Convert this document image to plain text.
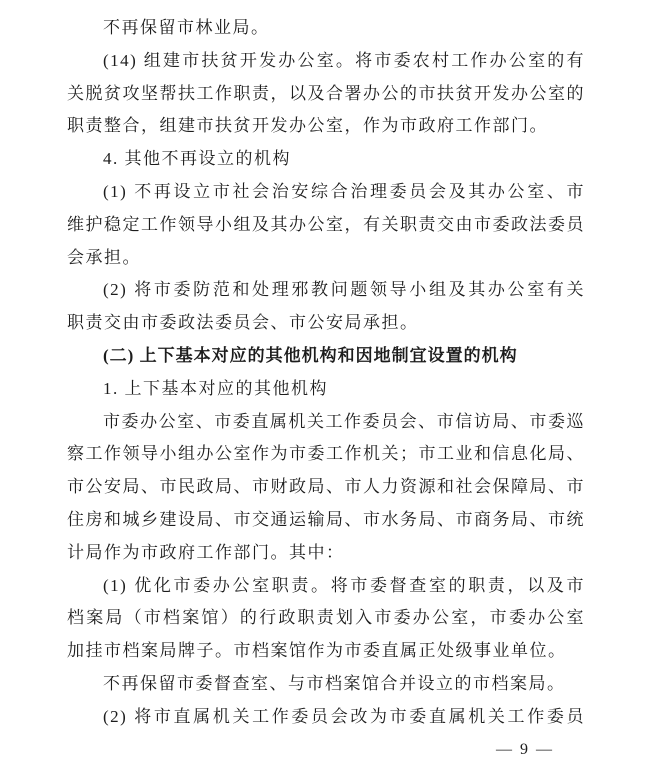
不再保留市林业局。
(14) 组建市扶贫开发办公室。将市委农村工作办公室的有
关脱贫攻坚帮扶工作职责，以及合署办公的市扶贫开发办公室的
职责整合，组建市扶贫开发办公室，作为市政府工作部门。
4. 其他不再设立的机构
(1) 不再设立市社会治安综合治理委员会及其办公室、市
维护稳定工作领导小组及其办公室，有关职责交由市委政法委员
会承担。
(2) 将市委防范和处理邪教问题领导小组及其办公室有关
职责交由市委政法委员会、市公安局承担。
(二) 上下基本对应的其他机构和因地制宜设置的机构
1. 上下基本对应的其他机构
市委办公室、市委直属机关工作委员会、市信访局、市委巡
察工作领导小组办公室作为市委工作机关；市工业和信息化局、
市公安局、市民政局、市财政局、市人力资源和社会保障局、市
住房和城乡建设局、市交通运输局、市水务局、市商务局、市统
计局作为市政府工作部门。其中：
(1) 优化市委办公室职责。将市委督查室的职责，以及市
档案局（市档案馆）的行政职责划入市委办公室，市委办公室
加挂市档案局牌子。市档案馆作为市委直属正处级事业单位。
不再保留市委督查室、与市档案馆合并设立的市档案局。
(2) 将市直属机关工作委员会改为市委直属机关工作委员
— 9 —
